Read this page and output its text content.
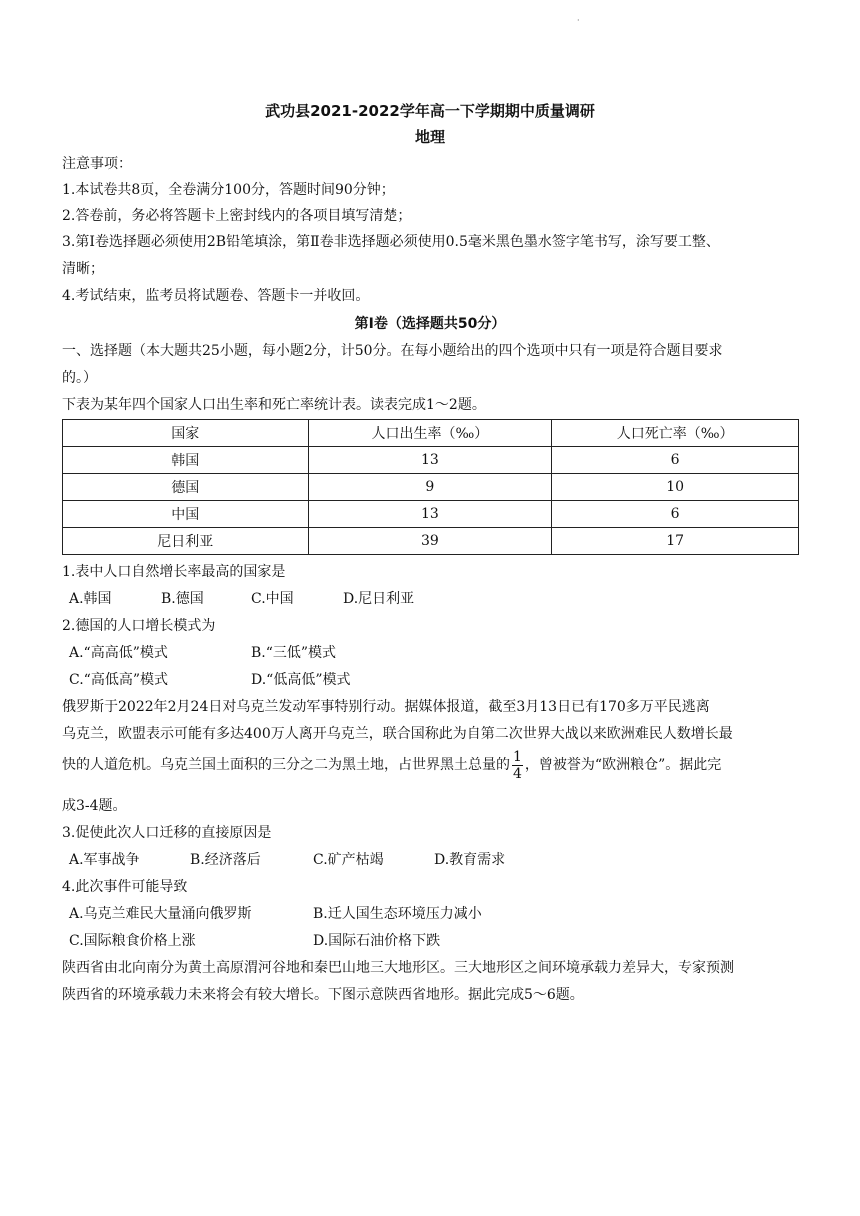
·
武功县2021-2022学年高一下学期期中质量调研
地理
注意事项：
1.本试卷共8页，全卷满分100分，答题时间90分钟；
2.答卷前，务必将答题卡上密封线内的各项目填写清楚；
3.第Ⅰ卷选择题必须使用2B铅笔填涂，第Ⅱ卷非选择题必须使用0.5毫米黑色墨水签字笔书写，涂写要工整、
清晰；
4.考试结束，监考员将试题卷、答题卡一并收回。
第Ⅰ卷（选择题共50分）
一、选择题（本大题共25小题，每小题2分，计50分。在每小题给出的四个选项中只有一项是符合题目要求
的。）
下表为某年四个国家人口出生率和死亡率统计表。读表完成1～2题。
国家	人口出生率（‰）	人口死亡率（‰）
韩国	13	6
德国	9	10
中国	13	6
尼日利亚	39	17
1.表中人口自然增长率最高的国家是
A.韩国	B.德国	C.中国	D.尼日利亚
2.德国的人口增长模式为
A.“高高低”模式	B.“三低”模式
C.“高低高”模式	D.“低高低”模式
俄罗斯于2022年2月24日对乌克兰发动军事特别行动。据媒体报道，截至3月13日已有170多万平民逃离
乌克兰，欧盟表示可能有多达400万人离开乌克兰，联合国称此为自第二次世界大战以来欧洲难民人数增长最
快的人道危机。乌克兰国土面积的三分之二为黑土地，占世界黑土总量的 $\frac{1}{4}$ ，曾被誉为“欧洲粮仓”。据此完
成3-4题。
3.促使此次人口迁移的直接原因是
A.军事战争	B.经济落后	C.矿产枯竭	D.教育需求
4.此次事件可能导致
A.乌克兰难民大量涌向俄罗斯	B.迁人国生态环境压力减小
C.国际粮食价格上涨	D.国际石油价格下跌
陕西省由北向南分为黄土高原渭河谷地和秦巴山地三大地形区。三大地形区之间环境承载力差异大，专家预测
陕西省的环境承载力未来将会有较大增长。下图示意陕西省地形。据此完成5～6题。
